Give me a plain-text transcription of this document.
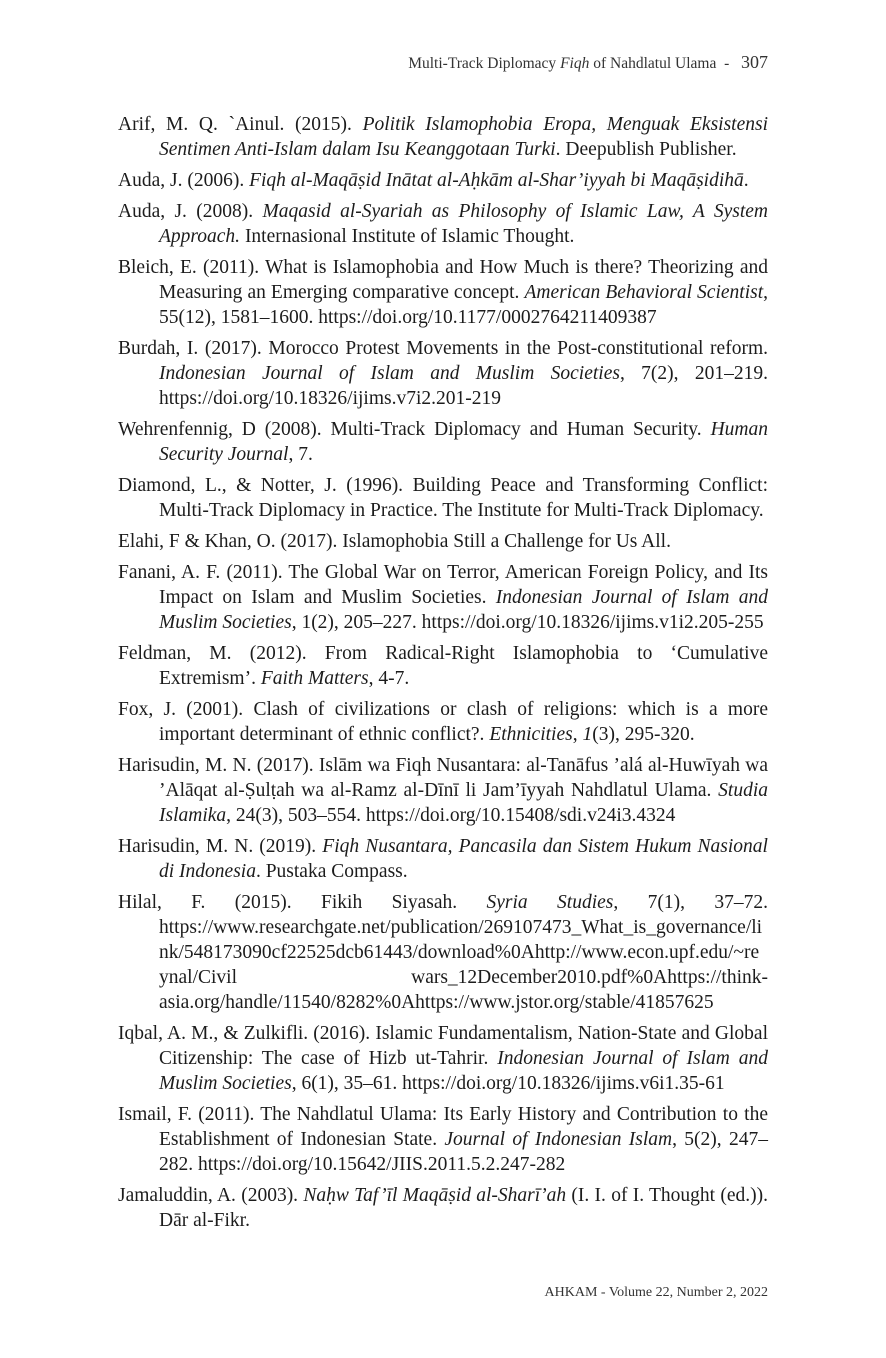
Multi-Track Diplomacy Fiqh of Nahdlatul Ulama  -  307

Arif, M. Q. `Ainul. (2015). Politik Islamophobia Eropa, Menguak Eksistensi Sentimen Anti-Islam dalam Isu Keanggotaan Turki. Deepublish Publisher.

Auda, J. (2006). Fiqh al-Maqāṣid Inātat al-Aḥkām al-Shar’iyyah bi Maqāṣidihā.

Auda, J. (2008). Maqasid al-Syariah as Philosophy of Islamic Law, A System Approach. Internasional Institute of Islamic Thought.

Bleich, E. (2011). What is Islamophobia and How Much is there? Theorizing and Measuring an Emerging comparative concept. American Behavioral Scientist, 55(12), 1581–1600. https://doi.org/10.1177/0002764211409387

Burdah, I. (2017). Morocco Protest Movements in the Post-constitutional reform. Indonesian Journal of Islam and Muslim Societies, 7(2), 201–219. https://doi.org/10.18326/ijims.v7i2.201-219

Wehrenfennig, D (2008). Multi-Track Diplomacy and Human Security. Human Security Journal, 7.

Diamond, L., & Notter, J. (1996). Building Peace and Transforming Conflict: Multi-Track Diplomacy in Practice. The Institute for Multi-Track Diplomacy.

Elahi, F & Khan, O. (2017). Islamophobia Still a Challenge for Us All.

Fanani, A. F. (2011). The Global War on Terror, American Foreign Policy, and Its Impact on Islam and Muslim Societies. Indonesian Journal of Islam and Muslim Societies, 1(2), 205–227. https://doi.org/10.18326/ijims.v1i2.205-255

Feldman, M. (2012). From Radical-Right Islamophobia to ‘Cumulative Extremism’. Faith Matters, 4-7.

Fox, J. (2001). Clash of civilizations or clash of religions: which is a more important determinant of ethnic conflict?. Ethnicities, 1(3), 295-320.

Harisudin, M. N. (2017). Islām wa Fiqh Nusantara: al-Tanāfus ’alá al-Huwīyah wa ’Alāqat al-Ṣulṭah wa al-Ramz al-Dīnī li Jam’īyyah Nahdlatul Ulama. Studia Islamika, 24(3), 503–554. https://doi.org/10.15408/sdi.v24i3.4324

Harisudin, M. N. (2019). Fiqh Nusantara, Pancasila dan Sistem Hukum Nasional di Indonesia. Pustaka Compass.

Hilal, F. (2015). Fikih Siyasah. Syria Studies, 7(1), 37–72. https://www.researchgate.net/publication/269107473_What_is_governance/link/548173090cf22525dcb61443/download%0Ahttp://www.econ.upf.edu/~reynal/Civil wars_12December2010.pdf%0Ahttps://think-asia.org/handle/11540/8282%0Ahttps://www.jstor.org/stable/41857625

Iqbal, A. M., & Zulkifli. (2016). Islamic Fundamentalism, Nation-State and Global Citizenship: The case of Hizb ut-Tahrir. Indonesian Journal of Islam and Muslim Societies, 6(1), 35–61. https://doi.org/10.18326/ijims.v6i1.35-61

Ismail, F. (2011). The Nahdlatul Ulama: Its Early History and Contribution to the Establishment of Indonesian State. Journal of Indonesian Islam, 5(2), 247–282. https://doi.org/10.15642/JIIS.2011.5.2.247-282

Jamaluddin, A. (2003). Naḥw Taf’īl Maqāṣid al-Sharī’ah (I. I. of I. Thought (ed.)). Dār al-Fikr.

AHKAM - Volume 22, Number 2, 2022
